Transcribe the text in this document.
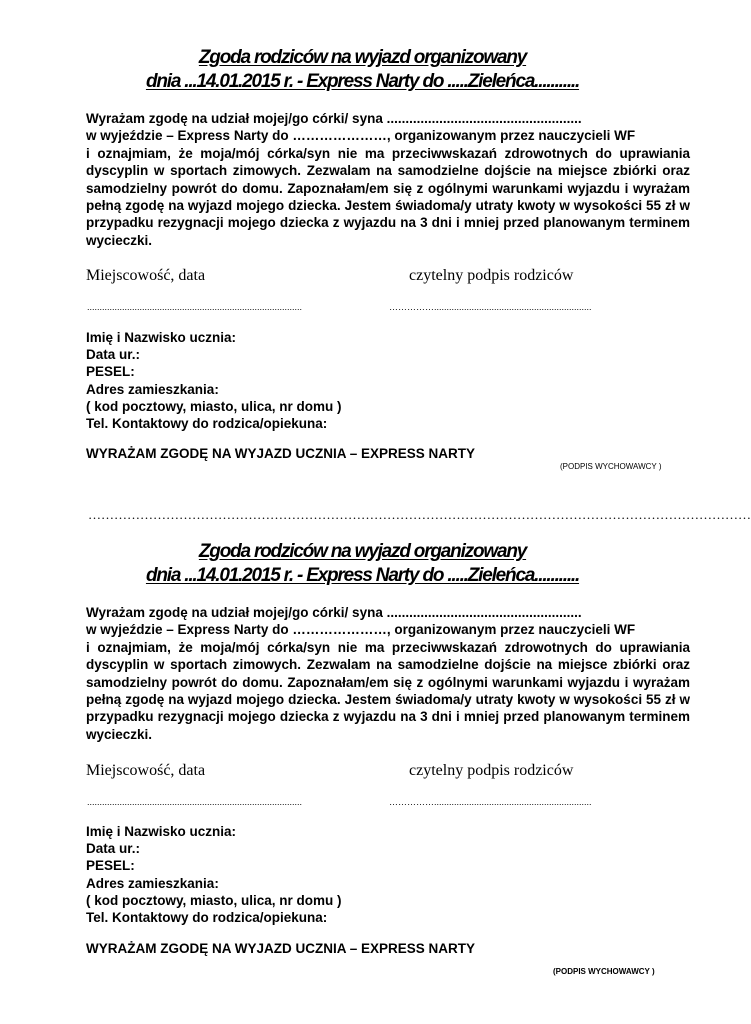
Zgoda rodziców na wyjazd organizowany

dnia ...14.01.2015 r. - Express Narty do .....Zieleńca...........

Wyrażam zgodę na udział mojej/go córki/ syna ....................................................
w wyjeździe – Express Narty do …………………, organizowanym przez nauczycieli WF
i oznajmiam, że moja/mój córka/syn nie ma przeciwwskazań zdrowotnych do uprawiania dyscyplin w sportach zimowych. Zezwalam na samodzielne dojście na miejsce zbiórki oraz samodzielny powrót do domu. Zapoznałam/em się z ogólnymi warunkami wyjazdu i wyrażam pełną zgodę na wyjazd mojego dziecka. Jestem świadoma/y utraty kwoty w wysokości 55 zł w przypadku rezygnacji mojego dziecka z wyjazdu na 3 dni i mniej przed planowanym terminem wycieczki.

Miejscowość, data	czytelny podpis rodziców

......................................................................................	……………...............................................................
Imię i Nazwisko ucznia:
Data ur.:
PESEL:
Adres zamieszkania:
( kod pocztowy, miasto, ulica, nr domu )
Tel. Kontaktowy do rodzica/opiekuna:

WYRAŻAM ZGODĘ NA WYJAZD UCZNIA – EXPRESS NARTY

(PODPIS WYCHOWAWCY )

………………………………………………………………………………………………………………………………………

Zgoda rodziców na wyjazd organizowany

dnia ...14.01.2015 r. - Express Narty do .....Zieleńca...........

Wyrażam zgodę na udział mojej/go córki/ syna ....................................................
w wyjeździe – Express Narty do …………………, organizowanym przez nauczycieli WF
i oznajmiam, że moja/mój córka/syn nie ma przeciwwskazań zdrowotnych do uprawiania dyscyplin w sportach zimowych. Zezwalam na samodzielne dojście na miejsce zbiórki oraz samodzielny powrót do domu. Zapoznałam/em się z ogólnymi warunkami wyjazdu i wyrażam pełną zgodę na wyjazd mojego dziecka. Jestem świadoma/y utraty kwoty w wysokości 55 zł w przypadku rezygnacji mojego dziecka z wyjazdu na 3 dni i mniej przed planowanym terminem wycieczki.

Miejscowość, data	czytelny podpis rodziców

......................................................................................	……………...............................................................
Imię i Nazwisko ucznia:
Data ur.:
PESEL:
Adres zamieszkania:
( kod pocztowy, miasto, ulica, nr domu )
Tel. Kontaktowy do rodzica/opiekuna:

WYRAŻAM ZGODĘ NA WYJAZD UCZNIA – EXPRESS NARTY

(PODPIS WYCHOWAWCY )
